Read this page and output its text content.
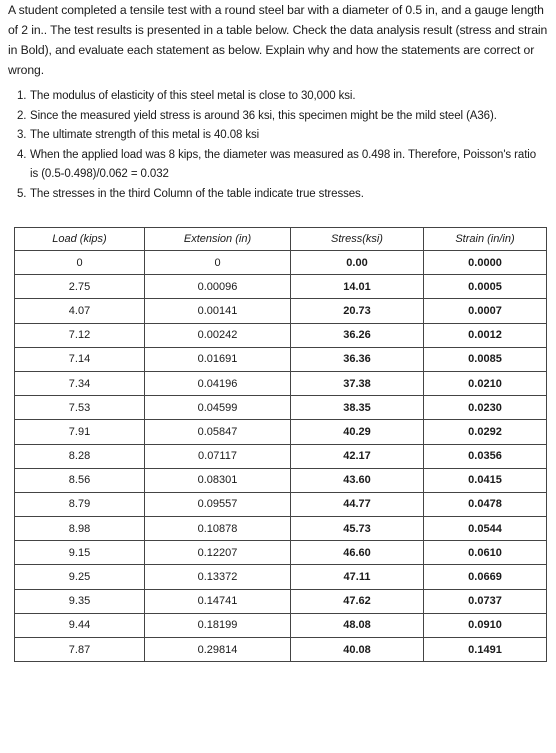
A student completed a tensile test with a round steel bar with a diameter of 0.5 in, and a gauge length of 2 in.. The test results is presented in a table below. Check the data analysis result (stress and strain in Bold), and evaluate each statement as below. Explain why and how the statements are correct or wrong.

1. The modulus of elasticity of this steel metal is close to 30,000 ksi.
2. Since the measured yield stress is around 36 ksi, this specimen might be the mild steel (A36).
3. The ultimate strength of this metal is 40.08 ksi
4. When the applied load was 8 kips, the diameter was measured as 0.498 in. Therefore, Poisson's ratio is (0.5-0.498)/0.062 = 0.032
5. The stresses in the third Column of the table indicate true stresses.
Load (kips)	Extension (in)	Stress(ksi)	Strain (in/in)
0	0	0.00	0.0000
2.75	0.00096	14.01	0.0005
4.07	0.00141	20.73	0.0007
7.12	0.00242	36.26	0.0012
7.14	0.01691	36.36	0.0085
7.34	0.04196	37.38	0.0210
7.53	0.04599	38.35	0.0230
7.91	0.05847	40.29	0.0292
8.28	0.07117	42.17	0.0356
8.56	0.08301	43.60	0.0415
8.79	0.09557	44.77	0.0478
8.98	0.10878	45.73	0.0544
9.15	0.12207	46.60	0.0610
9.25	0.13372	47.11	0.0669
9.35	0.14741	47.62	0.0737
9.44	0.18199	48.08	0.0910
7.87	0.29814	40.08	0.1491
